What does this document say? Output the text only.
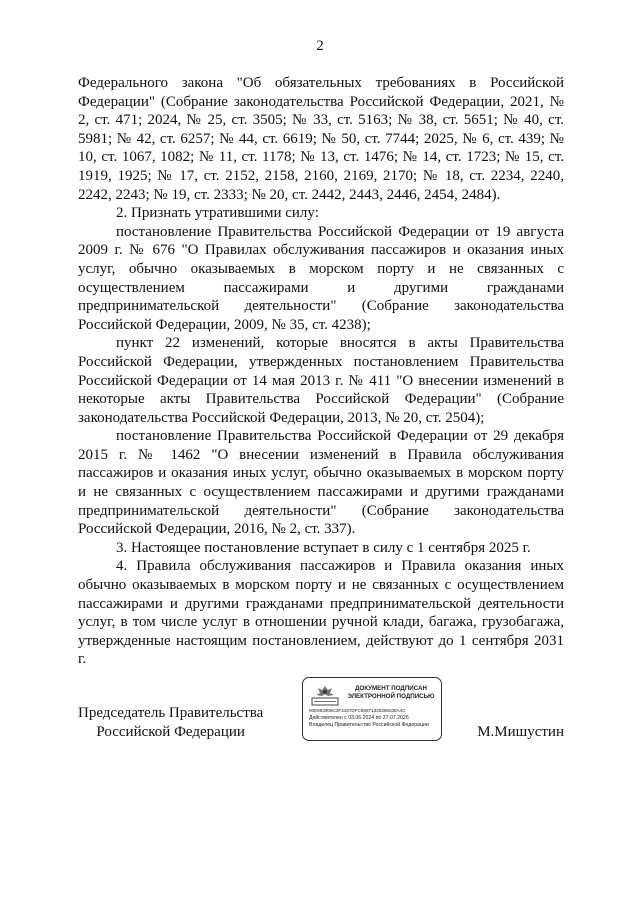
2

Федерального закона "Об обязательных требованиях в Российской Федерации" (Собрание законодательства Российской Федерации, 2021, № 2, ст. 471; 2024, № 25, ст. 3505; № 33, ст. 5163; № 38, ст. 5651; № 40, ст. 5981; № 42, ст. 6257; № 44, ст. 6619; № 50, ст. 7744; 2025, № 6, ст. 439; № 10, ст. 1067, 1082; № 11, ст. 1178; № 13, ст. 1476; № 14, ст. 1723; № 15, ст. 1919, 1925; № 17, ст. 2152, 2158, 2160, 2169, 2170; № 18, ст. 2234, 2240, 2242, 2243; № 19, ст. 2333; № 20, ст. 2442, 2443, 2446, 2454, 2484).

2. Признать утратившими силу:

постановление Правительства Российской Федерации от 19 августа 2009 г. № 676 "О Правилах обслуживания пассажиров и оказания иных услуг, обычно оказываемых в морском порту и не связанных с осуществлением пассажирами и другими гражданами предпринимательской деятельности" (Собрание законодательства Российской Федерации, 2009, № 35, ст. 4238);

пункт 22 изменений, которые вносятся в акты Правительства Российской Федерации, утвержденных постановлением Правительства Российской Федерации от 14 мая 2013 г. № 411 "О внесении изменений в некоторые акты Правительства Российской Федерации" (Собрание законодательства Российской Федерации, 2013, № 20, ст. 2504);

постановление Правительства Российской Федерации от 29 декабря 2015 г. № 1462 "О внесении изменений в Правила обслуживания пассажиров и оказания иных услуг, обычно оказываемых в морском порту и не связанных с осуществлением пассажирами и другими гражданами предпринимательской деятельности" (Собрание законодательства Российской Федерации, 2016, № 2, ст. 337).

3. Настоящее постановление вступает в силу с 1 сентября 2025 г.

4. Правила обслуживания пассажиров и Правила оказания иных обычно оказываемых в морском порту и не связанных с осуществлением пассажирами и другими гражданами предпринимательской деятельности услуг, в том числе услуг в отношении ручной клади, багажа, грузобагажа, утвержденные настоящим постановлением, действуют до 1 сентября 2031 г.

Председатель Правительства
Российской Федерации	М.Мишустин
ДОКУМЕНТ ПОДПИСАН ЭЛЕКТРОННОЙ ПОДПИСЬЮ
00E983908C3F3197DFC69971330366038A4C
Действителен с 03.06.2024 по 27.07.2026
Владелец Правительство Российской Федерации
